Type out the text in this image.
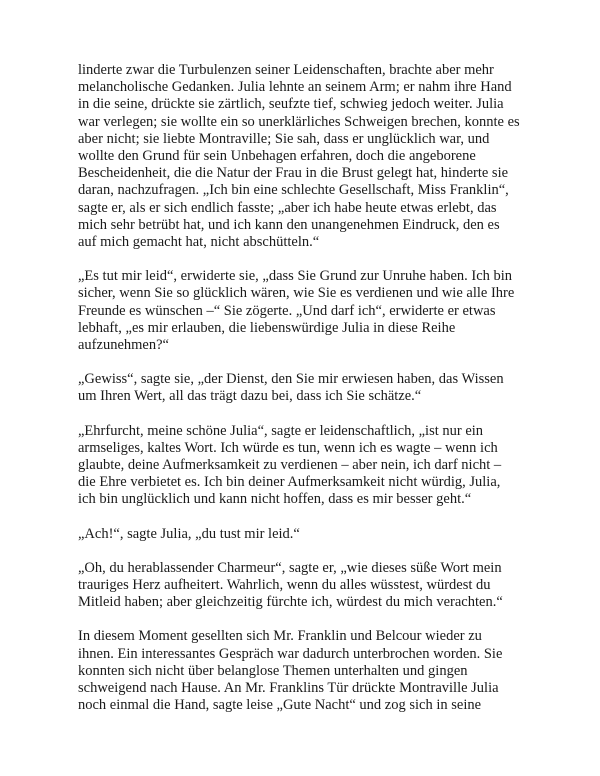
linderte zwar die Turbulenzen seiner Leidenschaften, brachte aber mehr
melancholische Gedanken. Julia lehnte an seinem Arm; er nahm ihre Hand
in die seine, drückte sie zärtlich, seufzte tief, schwieg jedoch weiter. Julia
war verlegen; sie wollte ein so unerklärliches Schweigen brechen, konnte es
aber nicht; sie liebte Montraville; Sie sah, dass er unglücklich war, und
wollte den Grund für sein Unbehagen erfahren, doch die angeborene
Bescheidenheit, die die Natur der Frau in die Brust gelegt hat, hinderte sie
daran, nachzufragen. „Ich bin eine schlechte Gesellschaft, Miss Franklin“,
sagte er, als er sich endlich fasste; „aber ich habe heute etwas erlebt, das
mich sehr betrübt hat, und ich kann den unangenehmen Eindruck, den es
auf mich gemacht hat, nicht abschütteln.“

„Es tut mir leid“, erwiderte sie, „dass Sie Grund zur Unruhe haben. Ich bin
sicher, wenn Sie so glücklich wären, wie Sie es verdienen und wie alle Ihre
Freunde es wünschen –“ Sie zögerte. „Und darf ich“, erwiderte er etwas
lebhaft, „es mir erlauben, die liebenswürdige Julia in diese Reihe
aufzunehmen?“

„Gewiss“, sagte sie, „der Dienst, den Sie mir erwiesen haben, das Wissen
um Ihren Wert, all das trägt dazu bei, dass ich Sie schätze.“

„Ehrfurcht, meine schöne Julia“, sagte er leidenschaftlich, „ist nur ein
armseliges, kaltes Wort. Ich würde es tun, wenn ich es wagte – wenn ich
glaubte, deine Aufmerksamkeit zu verdienen – aber nein, ich darf nicht –
die Ehre verbietet es. Ich bin deiner Aufmerksamkeit nicht würdig, Julia,
ich bin unglücklich und kann nicht hoffen, dass es mir besser geht.“

„Ach!“, sagte Julia, „du tust mir leid.“

„Oh, du herablassender Charmeur“, sagte er, „wie dieses süße Wort mein
trauriges Herz aufheitert. Wahrlich, wenn du alles wüsstest, würdest du
Mitleid haben; aber gleichzeitig fürchte ich, würdest du mich verachten.“

In diesem Moment gesellten sich Mr. Franklin und Belcour wieder zu
ihnen. Ein interessantes Gespräch war dadurch unterbrochen worden. Sie
konnten sich nicht über belanglose Themen unterhalten und gingen
schweigend nach Hause. An Mr. Franklins Tür drückte Montraville Julia
noch einmal die Hand, sagte leise „Gute Nacht“ und zog sich in seine
